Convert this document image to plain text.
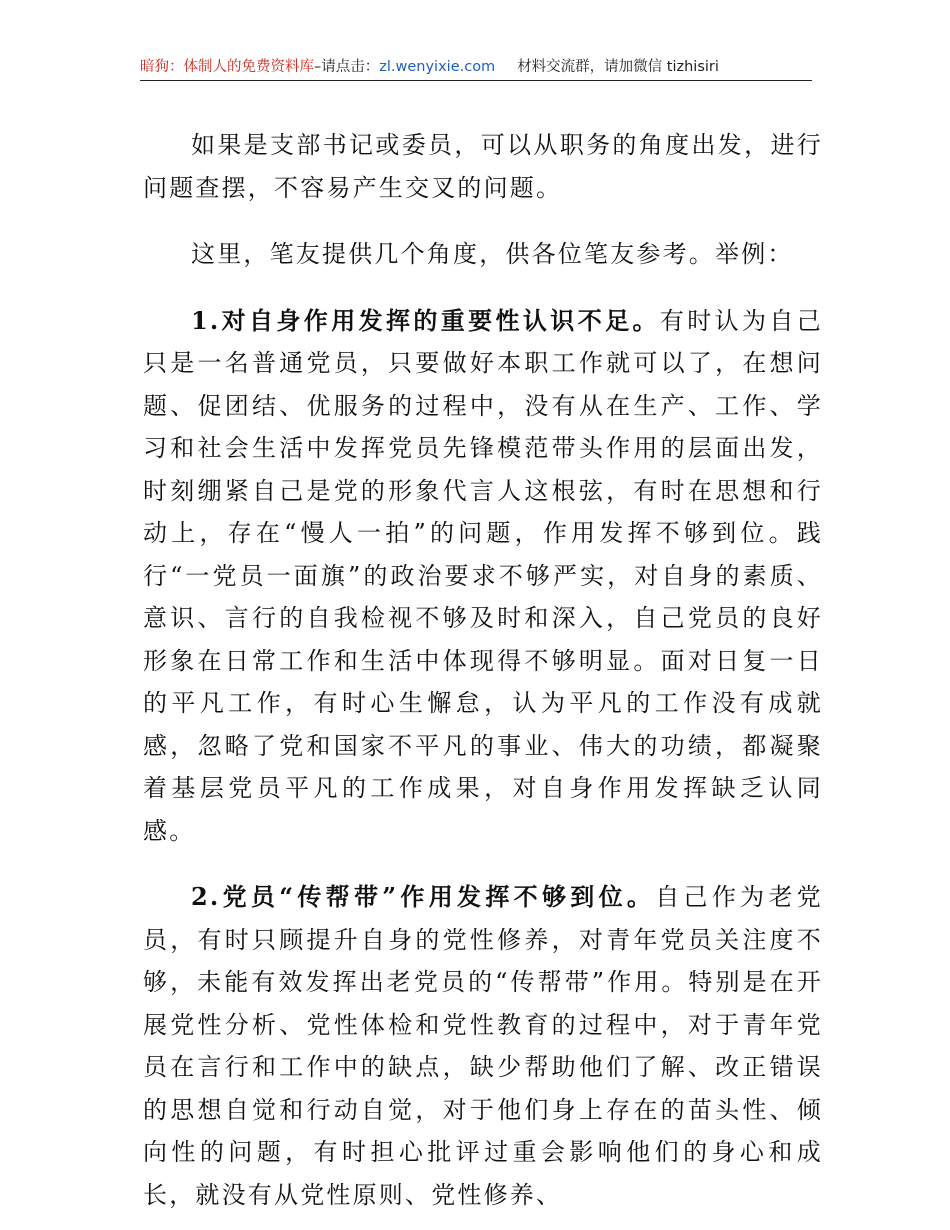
暗狗：体制人的免费资料库–请点击：zl.wenyixie.com 材料交流群，请加微信 tizhisiri

如果是支部书记或委员，可以从职务的角度出发，进行问题查摆，不容易产生交叉的问题。

这里，笔友提供几个角度，供各位笔友参考。举例：

1.对自身作用发挥的重要性认识不足。有时认为自己只是一名普通党员，只要做好本职工作就可以了，在想问题、促团结、优服务的过程中，没有从在生产、工作、学习和社会生活中发挥党员先锋模范带头作用的层面出发，时刻绷紧自己是党的形象代言人这根弦，有时在思想和行动上，存在“慢人一拍”的问题，作用发挥不够到位。践行“一党员一面旗”的政治要求不够严实，对自身的素质、意识、言行的自我检视不够及时和深入，自己党员的良好形象在日常工作和生活中体现得不够明显。面对日复一日的平凡工作，有时心生懈怠，认为平凡的工作没有成就感，忽略了党和国家不平凡的事业、伟大的功绩，都凝聚着基层党员平凡的工作成果，对自身作用发挥缺乏认同感。

2.党员“传帮带”作用发挥不够到位。自己作为老党员，有时只顾提升自身的党性修养，对青年党员关注度不够，未能有效发挥出老党员的“传帮带”作用。特别是在开展党性分析、党性体检和党性教育的过程中，对于青年党员在言行和工作中的缺点，缺少帮助他们了解、改正错误的思想自觉和行动自觉，对于他们身上存在的苗头性、倾向性的问题，有时担心批评过重会影响他们的身心和成长，就没有从党性原则、党性修养、
